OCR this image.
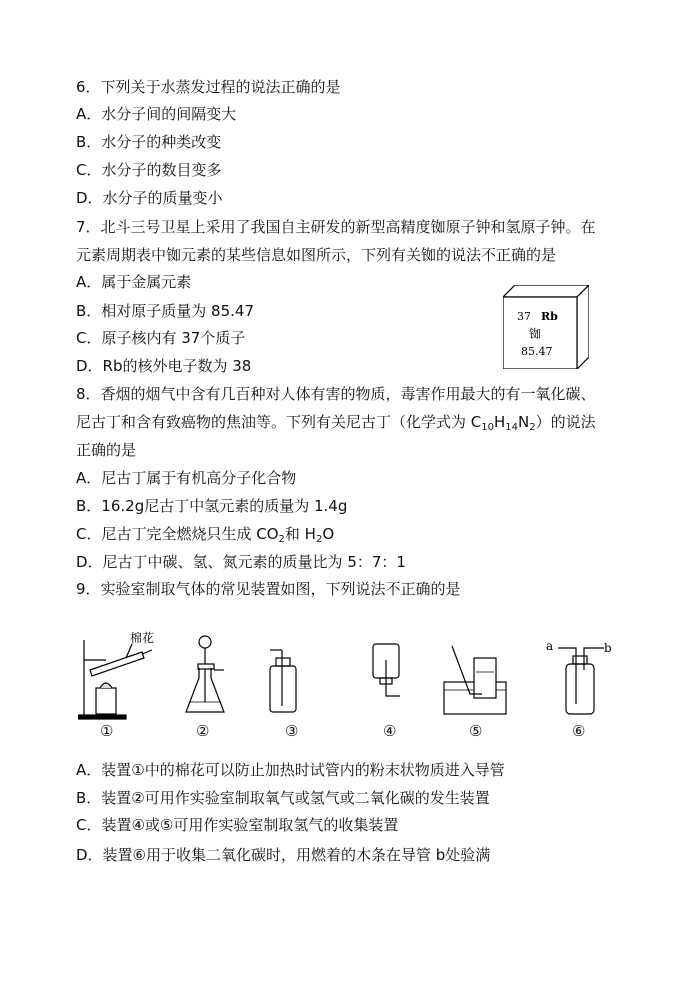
6．下列关于水蒸发过程的说法正确的是
A．水分子间的间隔变大
B．水分子的种类改变
C．水分子的数目变多
D．水分子的质量变小
7．北斗三号卫星上采用了我国自主研发的新型高精度铷原子钟和氢原子钟。在
元素周期表中铷元素的某些信息如图所示，下列有关铷的说法不正确的是
A．属于金属元素
B．相对原子质量为 85.47
C．原子核内有 37个质子
D．Rb的核外电子数为 38
37 Rb
铷
85.47
8．香烟的烟气中含有几百种对人体有害的物质，毒害作用最大的有一氧化碳、
尼古丁和含有致癌物的焦油等。下列有关尼古丁（化学式为 $C_{10}H_{14}N_2$）的说法
正确的是
A．尼古丁属于有机高分子化合物
B．16.2g尼古丁中氢元素的质量为 1.4g
C．尼古丁完全燃烧只生成 $CO_2$和 $H_2O$
D．尼古丁中碳、氢、氮元素的质量比为 5：7：1
9．实验室制取气体的常见装置如图，下列说法不正确的是
棉花
a	b
①	②	③	④	⑤	⑥
A．装置①中的棉花可以防止加热时试管内的粉末状物质进入导管
B．装置②可用作实验室制取氧气或氢气或二氧化碳的发生装置
C．装置④或⑤可用作实验室制取氢气的收集装置
D．装置⑥用于收集二氧化碳时，用燃着的木条在导管 b处验满
